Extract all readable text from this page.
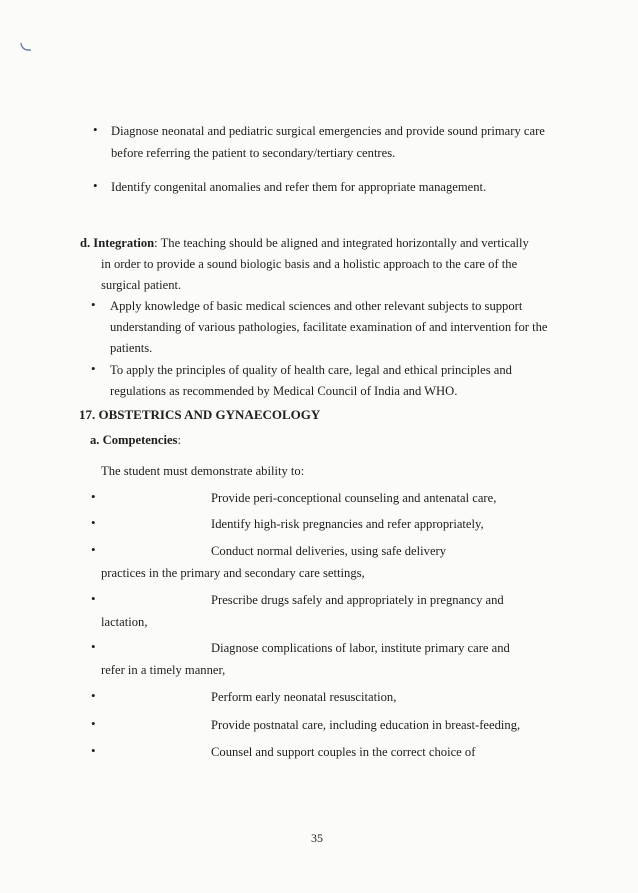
• Diagnose neonatal and pediatric surgical emergencies and provide sound primary care
before referring the patient to secondary/tertiary centres.
• Identify congenital anomalies and refer them for appropriate management.
d. Integration: The teaching should be aligned and integrated horizontally and vertically
in order to provide a sound biologic basis and a holistic approach to the care of the
surgical patient.
• Apply knowledge of basic medical sciences and other relevant subjects to support
understanding of various pathologies, facilitate examination of and intervention for the
patients.
• To apply the principles of quality of health care, legal and ethical principles and
regulations as recommended by Medical Council of India and WHO.
17. OBSTETRICS AND GYNAECOLOGY
a. Competencies:
The student must demonstrate ability to:
•	Provide peri-conceptional counseling and antenatal care,
•	Identify high-risk pregnancies and refer appropriately,
•	Conduct normal deliveries, using safe delivery
practices in the primary and secondary care settings,
•	Prescribe drugs safely and appropriately in pregnancy and
lactation,
•	Diagnose complications of labor, institute primary care and
refer in a timely manner,
•	Perform early neonatal resuscitation,
•	Provide postnatal care, including education in breast-feeding,
•	Counsel and support couples in the correct choice of
35
